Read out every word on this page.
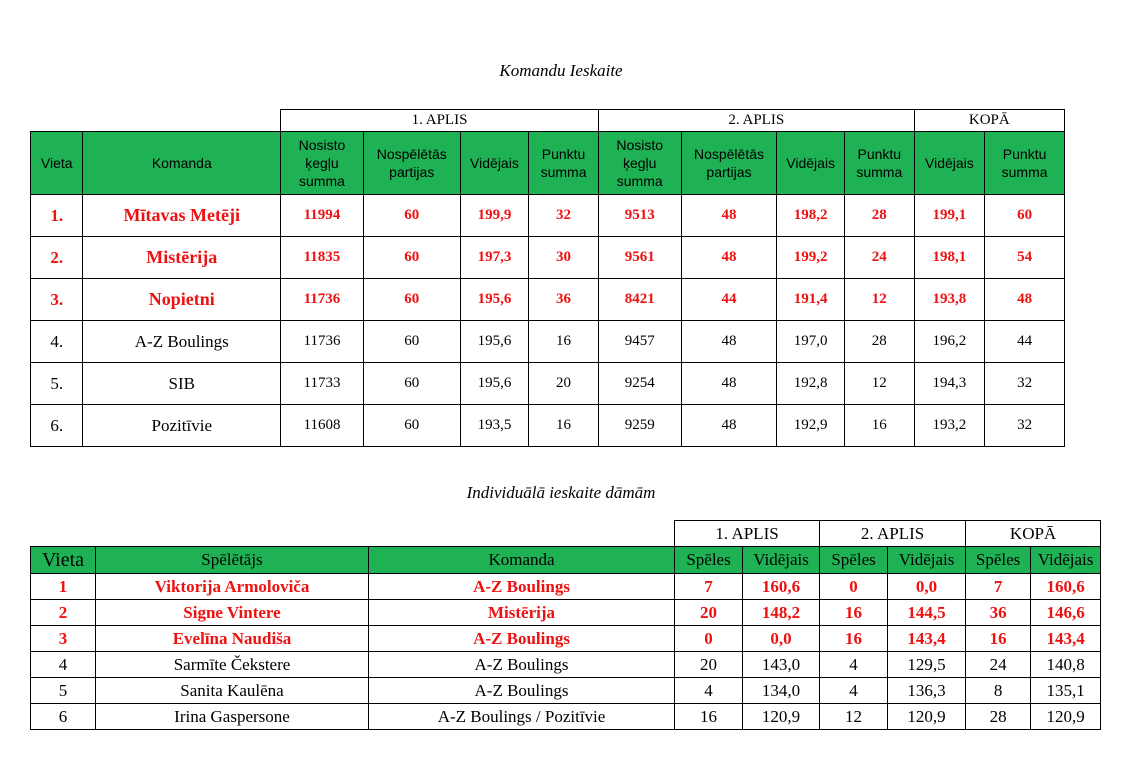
Komandu Ieskaite
		1. APLIS				2. APLIS				KOPĀ	
Vieta	Komanda	Nosisto ķegļu summa	Nospēlētās partijas	Vidējais	Punktu summa	Nosisto ķegļu summa	Nospēlētās partijas	Vidējais	Punktu summa	Vidējais	Punktu summa
1.	Mītavas Metēji	11994	60	199,9	32	9513	48	198,2	28	199,1	60
2.	Mistērija	11835	60	197,3	30	9561	48	199,2	24	198,1	54
3.	Nopietni	11736	60	195,6	36	8421	44	191,4	12	193,8	48
4.	A-Z Boulings	11736	60	195,6	16	9457	48	197,0	28	196,2	44
5.	SIB	11733	60	195,6	20	9254	48	192,8	12	194,3	32
6.	Pozitīvie	11608	60	193,5	16	9259	48	192,9	16	193,2	32
Individuālā ieskaite dāmām
			1. APLIS		2. APLIS		KOPĀ	
Vieta	Spēlētājs	Komanda	Spēles	Vidējais	Spēles	Vidējais	Spēles	Vidējais
1	Viktorija Armoloviča	A-Z Boulings	7	160,6	0	0,0	7	160,6
2	Signe Vintere	Mistērija	20	148,2	16	144,5	36	146,6
3	Evelīna Naudiša	A-Z Boulings	0	0,0	16	143,4	16	143,4
4	Sarmīte Čekstere	A-Z Boulings	20	143,0	4	129,5	24	140,8
5	Sanita Kaulēna	A-Z Boulings	4	134,0	4	136,3	8	135,1
6	Irina Gaspersone	A-Z Boulings / Pozitīvie	16	120,9	12	120,9	28	120,9
